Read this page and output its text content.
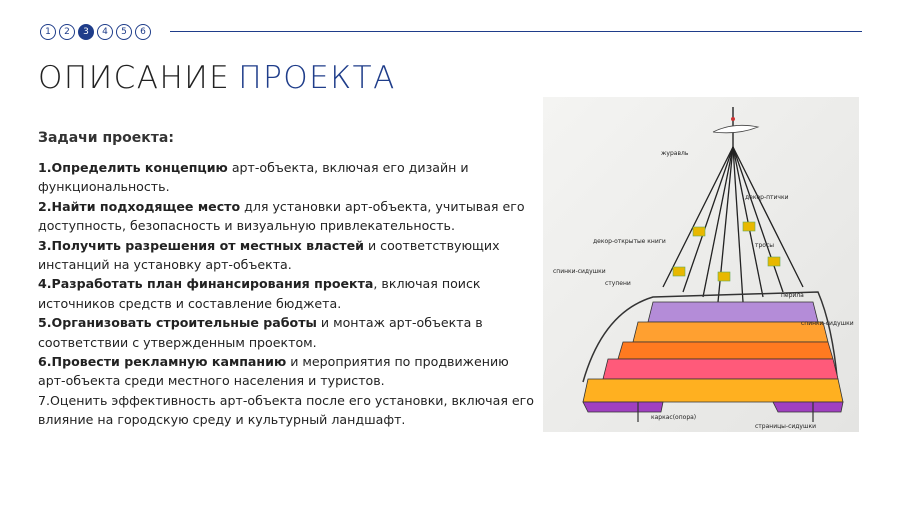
1	2	3	4	5	6
ОПИСАНИЕ ПРОЕКТА
Задачи проекта:

1.Определить концепцию арт-объекта, включая его дизайн и функциональность.

2.Найти подходящее место для установки арт-объекта, учитывая его доступность, безопасность и визуальную привлекательность.

3.Получить разрешения от местных властей и соответствующих инстанций на установку арт-объекта.

4.Разработать план финансирования проекта, включая поиск источников средств и составление бюджета.

5.Организовать строительные работы и монтаж арт-объекта в соответствии с утвержденным проектом.

6.Провести рекламную кампанию и мероприятия по продвижению арт-объекта среди местного населения и туристов.

7.Оценить эффективность арт-объекта после его установки, включая его влияние на городскую среду и культурный ландшафт.

журавль
декор-птички
декор-открытые книги
тросы
спинки-сидушки
ступени
перила
спинки-сидушки
каркас(опора)
страницы-сидушки
